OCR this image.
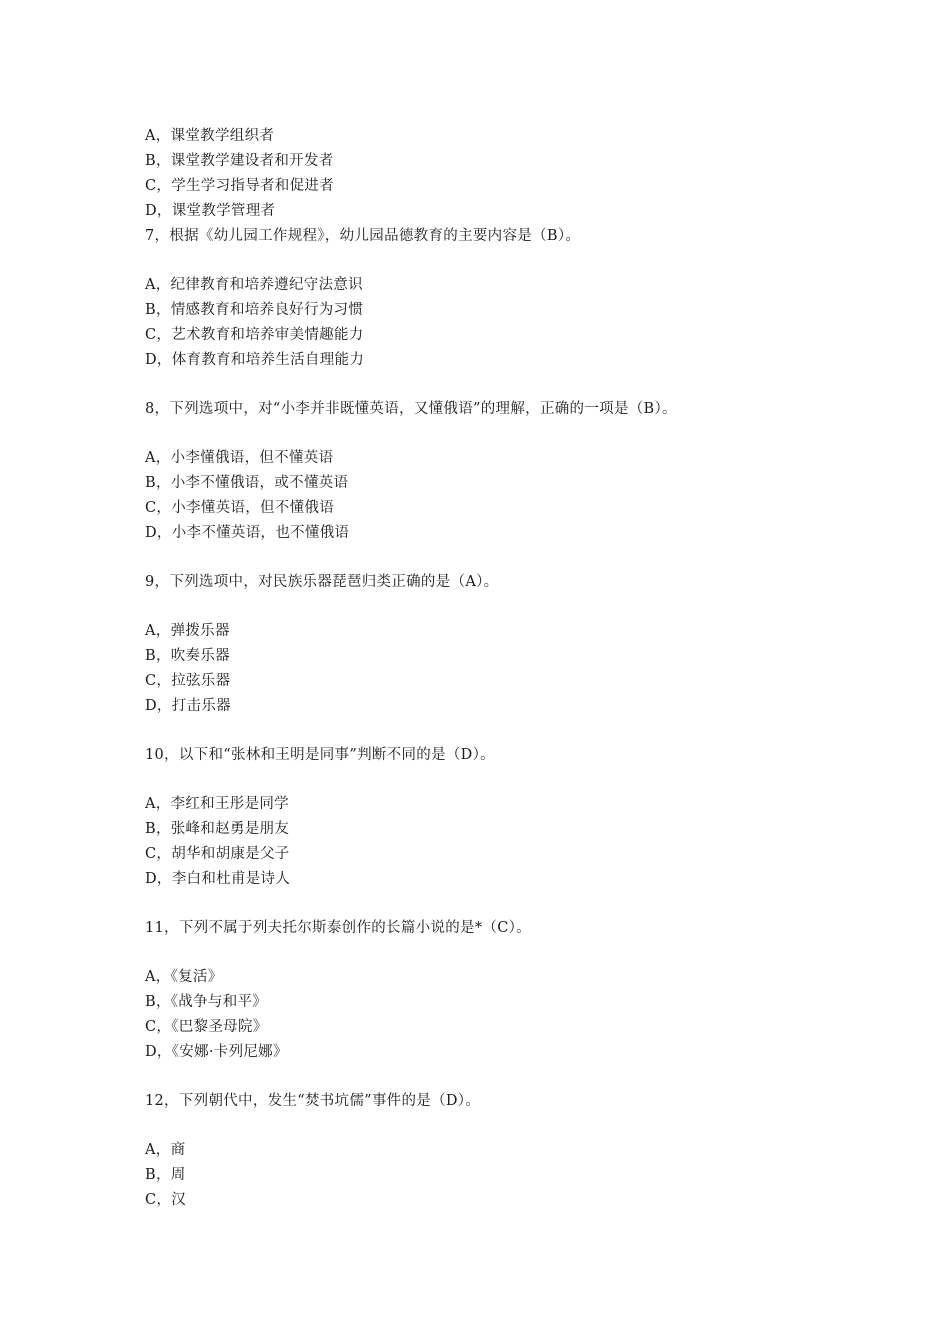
A，课堂教学组织者
B，课堂教学建设者和开发者
C，学生学习指导者和促进者
D，课堂教学管理者
7，根据《幼儿园工作规程》，幼儿园品德教育的主要内容是（B）。
A，纪律教育和培养遵纪守法意识
B，情感教育和培养良好行为习惯
C，艺术教育和培养审美情趣能力
D，体育教育和培养生活自理能力
8，下列选项中，对“小李并非既懂英语，又懂俄语”的理解，正确的一项是（B）。
A，小李懂俄语，但不懂英语
B，小李不懂俄语，或不懂英语
C，小李懂英语，但不懂俄语
D，小李不懂英语，也不懂俄语
9，下列选项中，对民族乐器琵琶归类正确的是（A）。
A，弹拨乐器
B，吹奏乐器
C，拉弦乐器
D，打击乐器
10，以下和“张林和王明是同事”判断不同的是（D）。
A，李红和王彤是同学
B，张峰和赵勇是朋友
C，胡华和胡康是父子
D，李白和杜甫是诗人
11，下列不属于列夫托尔斯泰创作的长篇小说的是*（C）。
A，《复活》
B，《战争与和平》
C，《巴黎圣母院》
D，《安娜·卡列尼娜》
12，下列朝代中，发生“焚书坑儒”事件的是（D）。
A，商
B，周
C，汉
